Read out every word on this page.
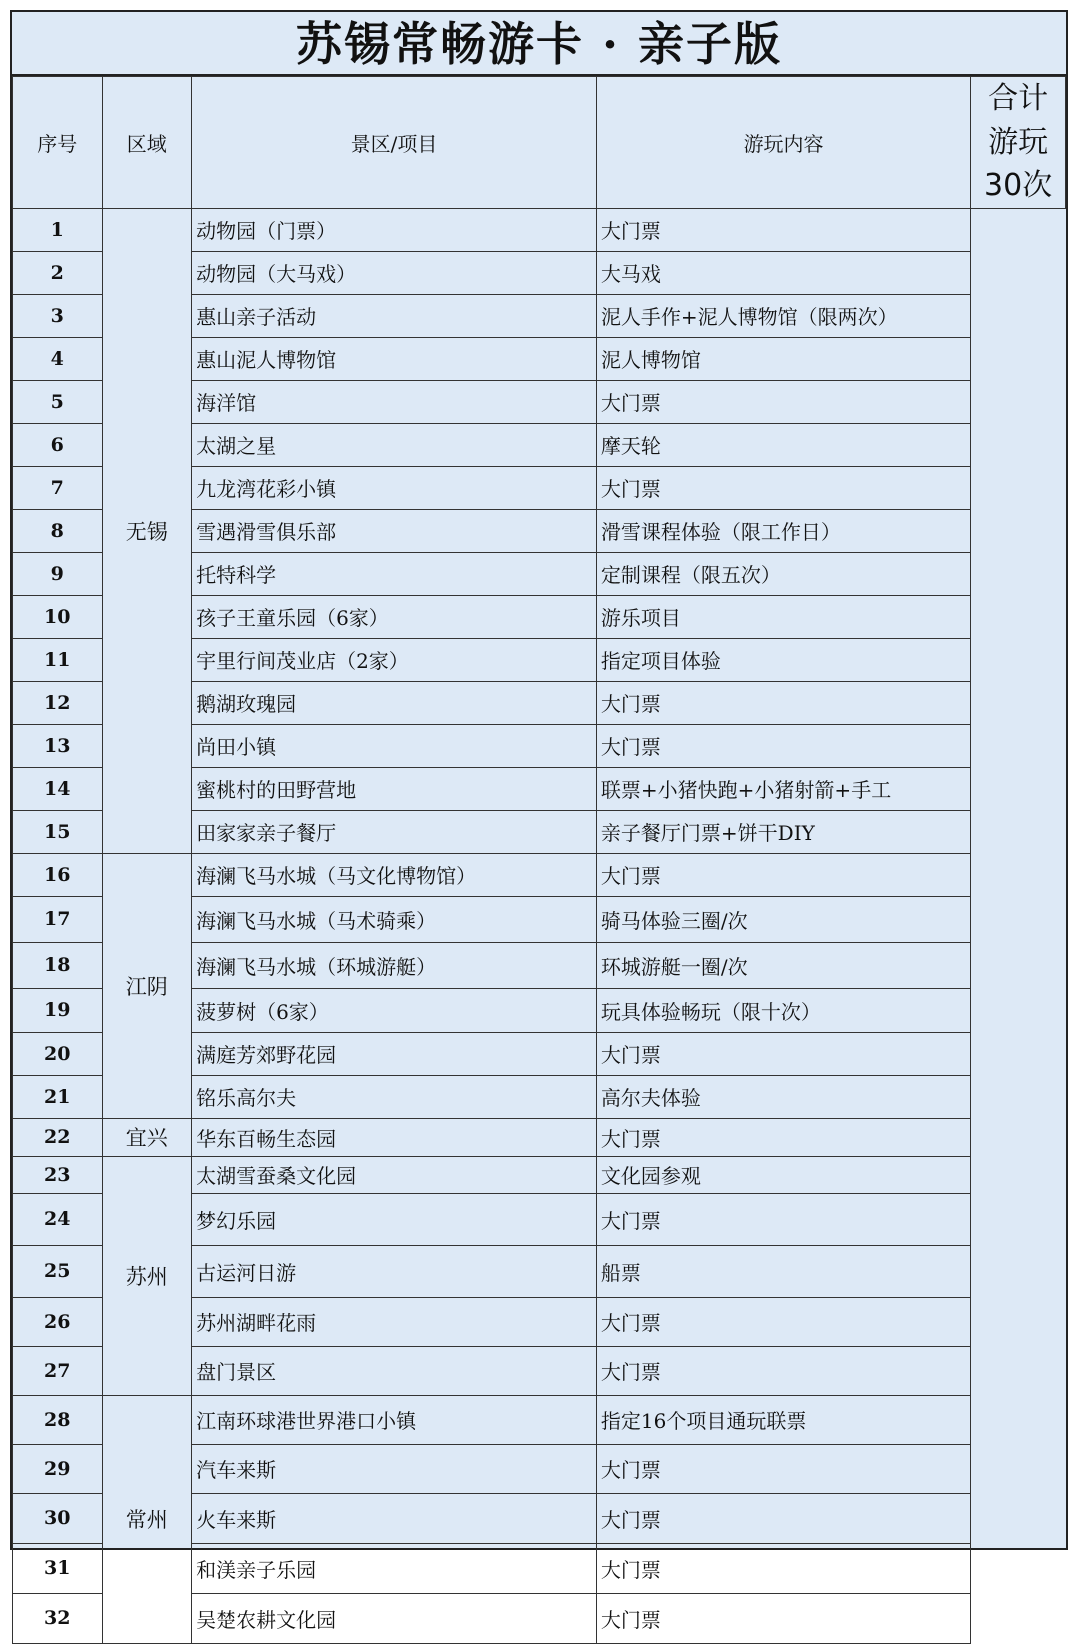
苏锡常畅游卡 · 亲子版
序号	区域	景区/项目	游玩内容	合计
游玩
30次
1	无锡	动物园（门票）	大门票	
2		动物园（大马戏）	大马戏	
3		惠山亲子活动	泥人手作+泥人博物馆（限两次）	
4		惠山泥人博物馆	泥人博物馆	
5		海洋馆	大门票	
6		太湖之星	摩天轮	
7		九龙湾花彩小镇	大门票	
8		雪遇滑雪俱乐部	滑雪课程体验（限工作日）	
9		托特科学	定制课程（限五次）	
10		孩子王童乐园（6家）	游乐项目	
11		宇里行间茂业店（2家）	指定项目体验	
12		鹅湖玫瑰园	大门票	
13		尚田小镇	大门票	
14		蜜桃村的田野营地	联票+小猪快跑+小猪射箭+手工	
15		田家家亲子餐厅	亲子餐厅门票+饼干DIY	
16	江阴	海澜飞马水城（马文化博物馆）	大门票	
17		海澜飞马水城（马术骑乘）	骑马体验三圈/次	
18		海澜飞马水城（环城游艇）	环城游艇一圈/次	
19		菠萝树（6家）	玩具体验畅玩（限十次）	
20		满庭芳郊野花园	大门票	
21		铭乐高尔夫	高尔夫体验	
22	宜兴	华东百畅生态园	大门票	
23	苏州	太湖雪蚕桑文化园	文化园参观	
24		梦幻乐园	大门票	
25		古运河日游	船票	
26		苏州湖畔花雨	大门票	
27		盘门景区	大门票	
28	常州	江南环球港世界港口小镇	指定16个项目通玩联票	
29		汽车来斯	大门票	
30		火车来斯	大门票	
31		和渼亲子乐园	大门票	
32		吴楚农耕文化园	大门票	
